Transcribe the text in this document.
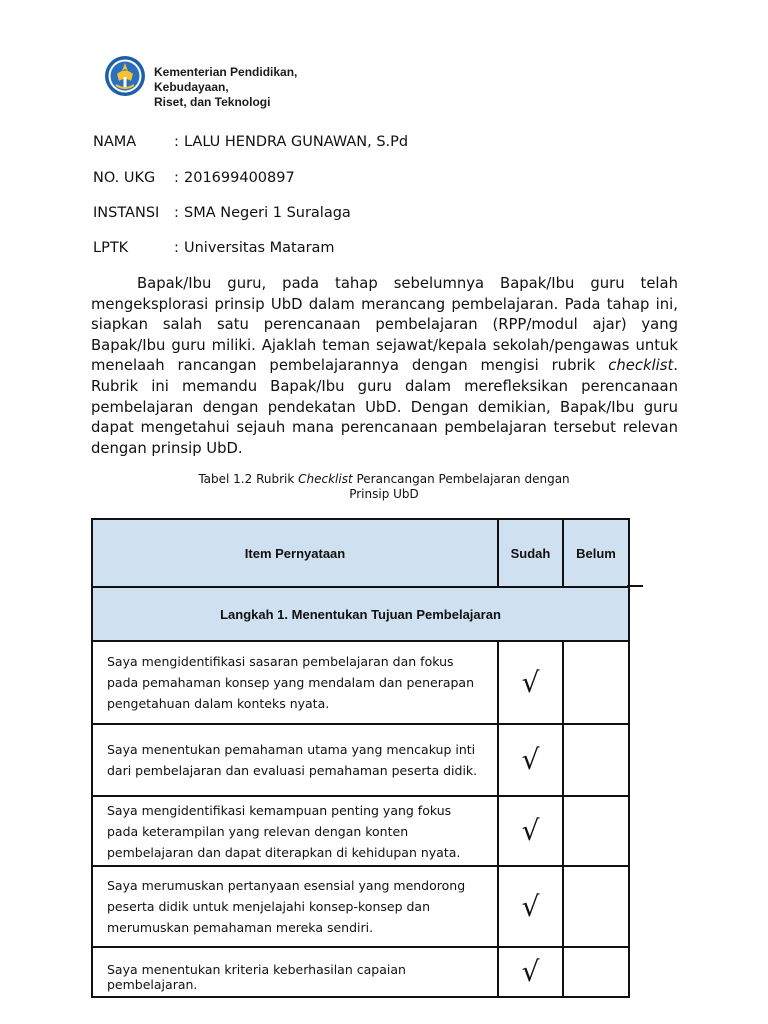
Kementerian Pendidikan, Kebudayaan,
Riset, dan Teknologi
NAMA	: LALU HENDRA GUNAWAN, S.Pd
NO. UKG : 201699400897
INSTANSI : SMA Negeri 1 Suralaga
LPTK	: Universitas Mataram

Bapak/Ibu guru, pada tahap sebelumnya Bapak/Ibu guru telah mengeksplorasi prinsip UbD dalam merancang pembelajaran. Pada tahap ini, siapkan salah satu perencanaan pembelajaran (RPP/modul ajar) yang Bapak/Ibu guru miliki. Ajaklah teman sejawat/kepala sekolah/pengawas untuk menelaah rancangan pembelajarannya dengan mengisi rubrik checklist. Rubrik ini memandu Bapak/Ibu guru dalam merefleksikan perencanaan pembelajaran dengan pendekatan UbD. Dengan demikian, Bapak/Ibu guru dapat mengetahui sejauh mana perencanaan pembelajaran tersebut relevan dengan prinsip UbD.

Tabel 1.2 Rubrik Checklist Perancangan Pembelajaran dengan
Prinsip UbD
Item Pernyataan	Sudah	Belum
Langkah 1. Menentukan Tujuan Pembelajaran		
Saya mengidentifikasi sasaran pembelajaran dan fokus pada pemahaman konsep yang mendalam dan penerapan pengetahuan dalam konteks nyata.	√	
Saya menentukan pemahaman utama yang mencakup inti dari pembelajaran dan evaluasi pemahaman peserta didik.	√	
Saya mengidentifikasi kemampuan penting yang fokus pada keterampilan yang relevan dengan konten pembelajaran dan dapat diterapkan di kehidupan nyata.	√	
Saya merumuskan pertanyaan esensial yang mendorong peserta didik untuk menjelajahi konsep-konsep dan merumuskan pemahaman mereka sendiri.	√	
Saya menentukan kriteria keberhasilan capaian pembelajaran.	√	
